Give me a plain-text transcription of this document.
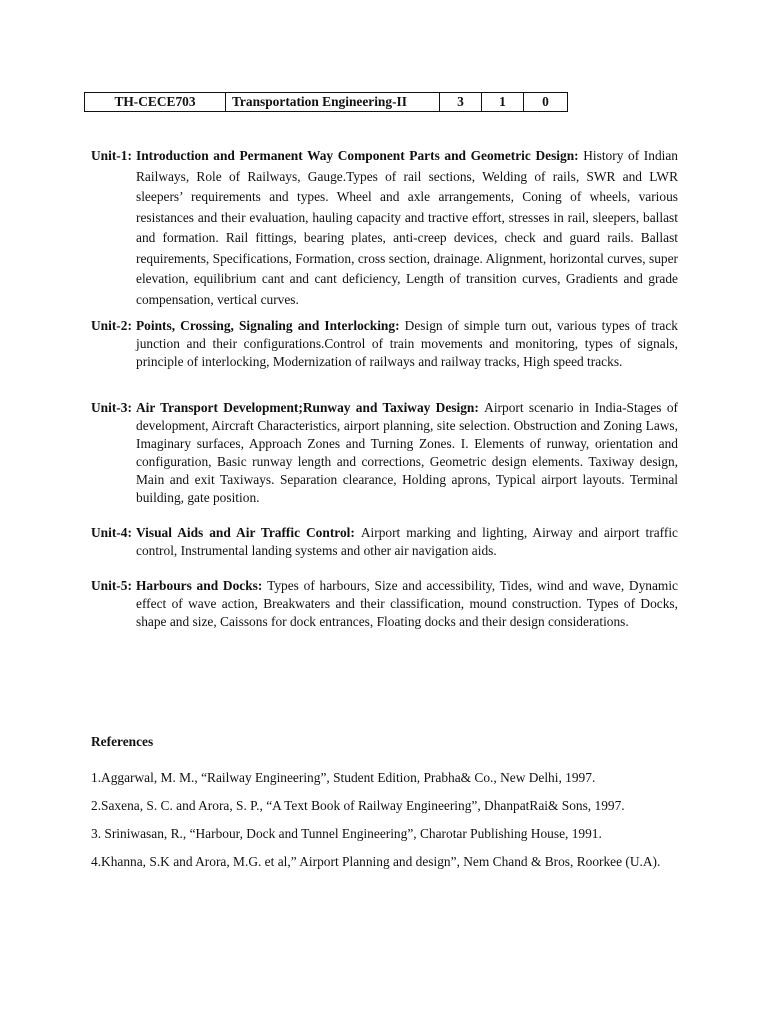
TH-CECE703	Transportation Engineering-II	3	1	0
Unit-1: Introduction and Permanent Way Component Parts and Geometric Design: History of Indian Railways, Role of Railways, Gauge.Types of rail sections, Welding of rails, SWR and LWR sleepers’ requirements and types. Wheel and axle arrangements, Coning of wheels, various resistances and their evaluation, hauling capacity and tractive effort, stresses in rail, sleepers, ballast and formation. Rail fittings, bearing plates, anti-creep devices, check and guard rails. Ballast requirements, Specifications, Formation, cross section, drainage. Alignment, horizontal curves, super elevation, equilibrium cant and cant deficiency, Length of transition curves, Gradients and grade compensation, vertical curves.
Unit-2: Points, Crossing, Signaling and Interlocking: Design of simple turn out, various types of track junction and their configurations.Control of train movements and monitoring, types of signals, principle of interlocking, Modernization of railways and railway tracks, High speed tracks.
Unit-3: Air Transport Development;Runway and Taxiway Design: Airport scenario in India-Stages of development, Aircraft Characteristics, airport planning, site selection. Obstruction and Zoning Laws, Imaginary surfaces, Approach Zones and Turning Zones. I. Elements of runway, orientation and configuration, Basic runway length and corrections, Geometric design elements. Taxiway design, Main and exit Taxiways. Separation clearance, Holding aprons, Typical airport layouts. Terminal building, gate position.
Unit-4: Visual Aids and Air Traffic Control: Airport marking and lighting, Airway and airport traffic control, Instrumental landing systems and other air navigation aids.
Unit-5: Harbours and Docks: Types of harbours, Size and accessibility, Tides, wind and wave, Dynamic effect of wave action, Breakwaters and their classification, mound construction. Types of Docks, shape and size, Caissons for dock entrances, Floating docks and their design considerations.
References
1.Aggarwal, M. M., “Railway Engineering”, Student Edition, Prabha& Co., New Delhi, 1997.
2.Saxena, S. C. and Arora, S. P., “A Text Book of Railway Engineering”, DhanpatRai& Sons, 1997.
3. Sriniwasan, R., “Harbour, Dock and Tunnel Engineering”, Charotar Publishing House, 1991.
4.Khanna, S.K and Arora, M.G. et al,” Airport Planning and design”, Nem Chand & Bros, Roorkee (U.A).
